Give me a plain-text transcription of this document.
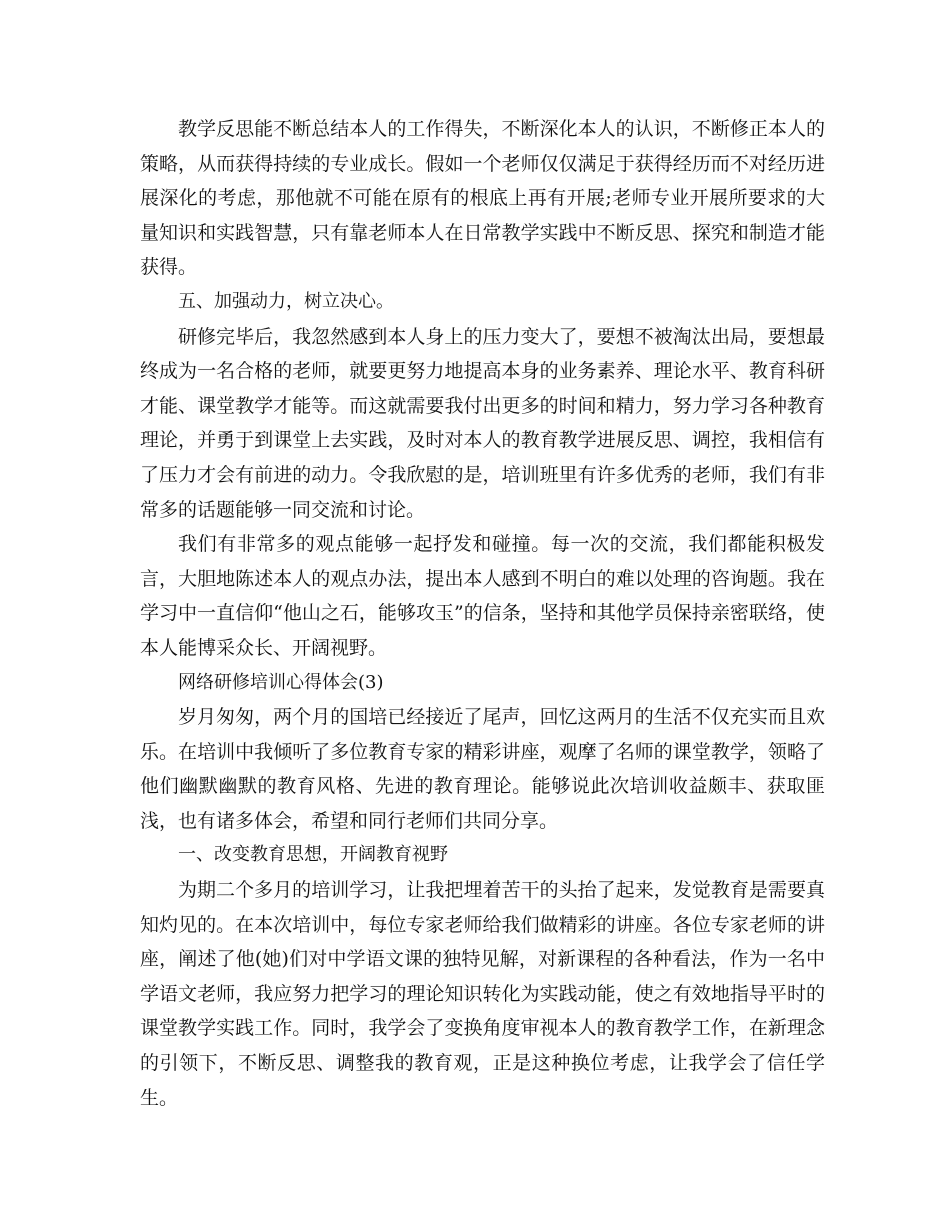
教学反思能不断总结本人的工作得失，不断深化本人的认识，不断修正本人的策略，从而获得持续的专业成长。假如一个老师仅仅满足于获得经历而不对经历进展深化的考虑，那他就不可能在原有的根底上再有开展;老师专业开展所要求的大量知识和实践智慧，只有靠老师本人在日常教学实践中不断反思、探究和制造才能获得。

五、加强动力，树立决心。

研修完毕后，我忽然感到本人身上的压力变大了，要想不被淘汰出局，要想最终成为一名合格的老师，就要更努力地提高本身的业务素养、理论水平、教育科研才能、课堂教学才能等。而这就需要我付出更多的时间和精力，努力学习各种教育理论，并勇于到课堂上去实践，及时对本人的教育教学进展反思、调控，我相信有了压力才会有前进的动力。令我欣慰的是，培训班里有许多优秀的老师，我们有非常多的话题能够一同交流和讨论。

我们有非常多的观点能够一起抒发和碰撞。每一次的交流，我们都能积极发言，大胆地陈述本人的观点办法，提出本人感到不明白的难以处理的咨询题。我在学习中一直信仰“他山之石，能够攻玉”的信条，坚持和其他学员保持亲密联络，使本人能博采众长、开阔视野。

网络研修培训心得体会(3)

岁月匆匆，两个月的国培已经接近了尾声，回忆这两月的生活不仅充实而且欢乐。在培训中我倾听了多位教育专家的精彩讲座，观摩了名师的课堂教学，领略了他们幽默幽默的教育风格、先进的教育理论。能够说此次培训收益颇丰、获取匪浅，也有诸多体会，希望和同行老师们共同分享。

一、改变教育思想，开阔教育视野

为期二个多月的培训学习，让我把埋着苦干的头抬了起来，发觉教育是需要真知灼见的。在本次培训中，每位专家老师给我们做精彩的讲座。各位专家老师的讲座，阐述了他(她)们对中学语文课的独特见解，对新课程的各种看法，作为一名中学语文老师，我应努力把学习的理论知识转化为实践动能，使之有效地指导平时的课堂教学实践工作。同时，我学会了变换角度审视本人的教育教学工作，在新理念的引领下，不断反思、调整我的教育观，正是这种换位考虑，让我学会了信任学生。
